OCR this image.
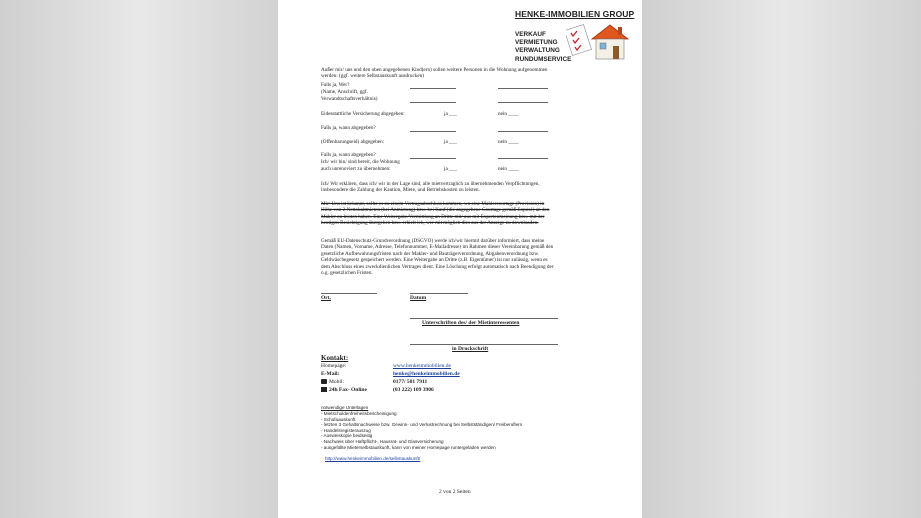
HENKE-IMMOBILIEN GROUP
VERKAUF
VERMIETUNG
VERWALTUNG
RUNDUMSERVICE
Außer mir/ uns und den oben angegebenen Kind(ern) sollen weitere Personen in die Wohnung aufgenommen
werden: (ggf. weitere Selbstauskunft ausdrucken)
Falls ja, Wer?
(Name, Anschrift, ggf.
Verwandtschaftsverhältnis)
Eidesstattliche Versicherung abgegeben:	ja ___	nein ____
Falls ja, wann abgegeben?
(Offenbarungseid) abgegeben:	ja ___	nein ____
Falls ja, wann abgegeben?
Ich/ wir bin/ sind bereit, die Wohnung
auch unrenoviert zu übernehmen:	ja ___	nein ____
Ich/ Wir erklären, dass ich/ wir in der Lage sind, alle mietvertraglich zu übernehmenden Verpflichtungen,
insbesondere die Zahlung der Kaution, Miete, und Betriebskosten zu leisten.
Mir/ Uns ist bekannt, sollte es zu einem Vertragsabschluss kommen, wo eine Maklercourtage (Provision) in
Höhe von 2 Nettokaltmieten (bei Anmietung) bzw. bei Kauf (die angegebene Courtage gemäß Exposé) an den
Makler zu leisten haben. Eine Weitergabe/Vermittlung an Dritte mit/ aus mit Expertenmeinung bzw. mit der
heutigen Besichtigung übergeben bzw. erhielt ich, wer mit möglich dies aus der Anzeige zu downloaden.
Gemäß EU-Datenschutz-Grundverordnung (DSGVO) werde ich/wir hiermit darüber informiert, dass meine
Daten (Namen, Vorname, Adresse, Telefonnummer, E-Mailadresse) im Rahmen dieser Vereinbarung gemäß den
gesetzliche Aufbewahrungsfristen nach der Makler- und Bauträgerverordnung, Abgabenverordnung bzw.
Geldwäschegesetz gespeichert werden. Eine Weitergabe an Dritte (z.B. Eigentümer) ist nur zulässig, wenn es
dem Abschluss eines zweckdienlichen Vertrages dient. Eine Löschung erfolgt automatisch nach Beendigung der
o.g. gesetzlichen Fristen.
Ort,	Datum
Unterschriften des/ der Mietinteressenten
in Druckschrift
Kontakt:
Homepage:	www.henkeimmobilien.de
E-Mail:	henke@henkeimmobilien.de
Mobil:	0177/ 501 7911
24h Fax- Online	(03 222) 109 3906
notwendige Unterlagen
- Mietschuldenfreiheitsbescheinigung
- Schufaauskunft
- letzten 3 Gehaltsnachweise bzw. Gewinn- und Verlustrechnung bei Selbstständigen/ Freiberuflern
- Handelsregisterauszug
- Ausweiskopie beidseitig
- Nachweis über Haftpflicht-, Hausrat- und Glasversicherung
- ausgefüllte Mieterselbstauskunft, kann von meiner Homepage runtergeladen werden
http://www.henkeimmobilien.de/selbstauskunft/
2 von 2 Seiten
